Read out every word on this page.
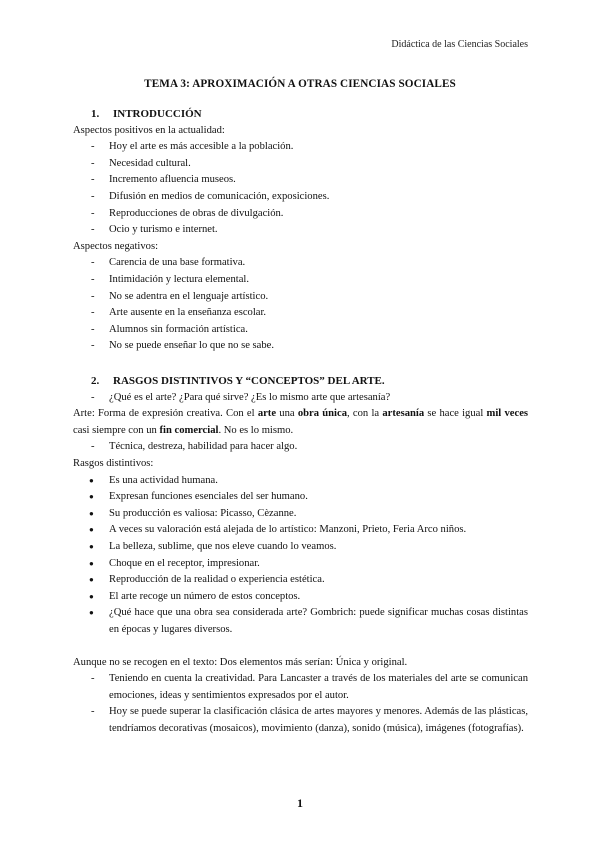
Didáctica de las Ciencias Sociales
TEMA 3: APROXIMACIÓN A OTRAS CIENCIAS SOCIALES
1. INTRODUCCIÓN
Aspectos positivos en la actualidad:
- Hoy el arte es más accesible a la población.
- Necesidad cultural.
- Incremento afluencia museos.
- Difusión en medios de comunicación, exposiciones.
- Reproducciones de obras de divulgación.
- Ocio y turismo e internet.
Aspectos negativos:
- Carencia de una base formativa.
- Intimidación y lectura elemental.
- No se adentra en el lenguaje artístico.
- Arte ausente en la enseñanza escolar.
- Alumnos sin formación artística.
- No se puede enseñar lo que no se sabe.
2. RASGOS DISTINTIVOS Y “CONCEPTOS” DEL ARTE.
- ¿Qué es el arte? ¿Para qué sirve? ¿Es lo mismo arte que artesanía?
Arte: Forma de expresión creativa. Con el arte una obra única, con la artesanía se hace igual mil veces casi siempre con un fin comercial. No es lo mismo.
- Técnica, destreza, habilidad para hacer algo.
Rasgos distintivos:
● Es una actividad humana.
● Expresan funciones esenciales del ser humano.
● Su producción es valiosa: Picasso, Cèzanne.
● A veces su valoración está alejada de lo artístico: Manzoni, Prieto, Feria Arco niños.
● La belleza, sublime, que nos eleve cuando lo veamos.
● Choque en el receptor, impresionar.
● Reproducción de la realidad o experiencia estética.
● El arte recoge un número de estos conceptos.
● ¿Qué hace que una obra sea considerada arte? Gombrich: puede significar muchas cosas distintas en épocas y lugares diversos.
Aunque no se recogen en el texto: Dos elementos más serían: Única y original.
- Teniendo en cuenta la creatividad. Para Lancaster a través de los materiales del arte se comunican emociones, ideas y sentimientos expresados por el autor.
- Hoy se puede superar la clasificación clásica de artes mayores y menores. Además de las plásticas, tendríamos decorativas (mosaicos), movimiento (danza), sonido (música), imágenes (fotografías).
1
